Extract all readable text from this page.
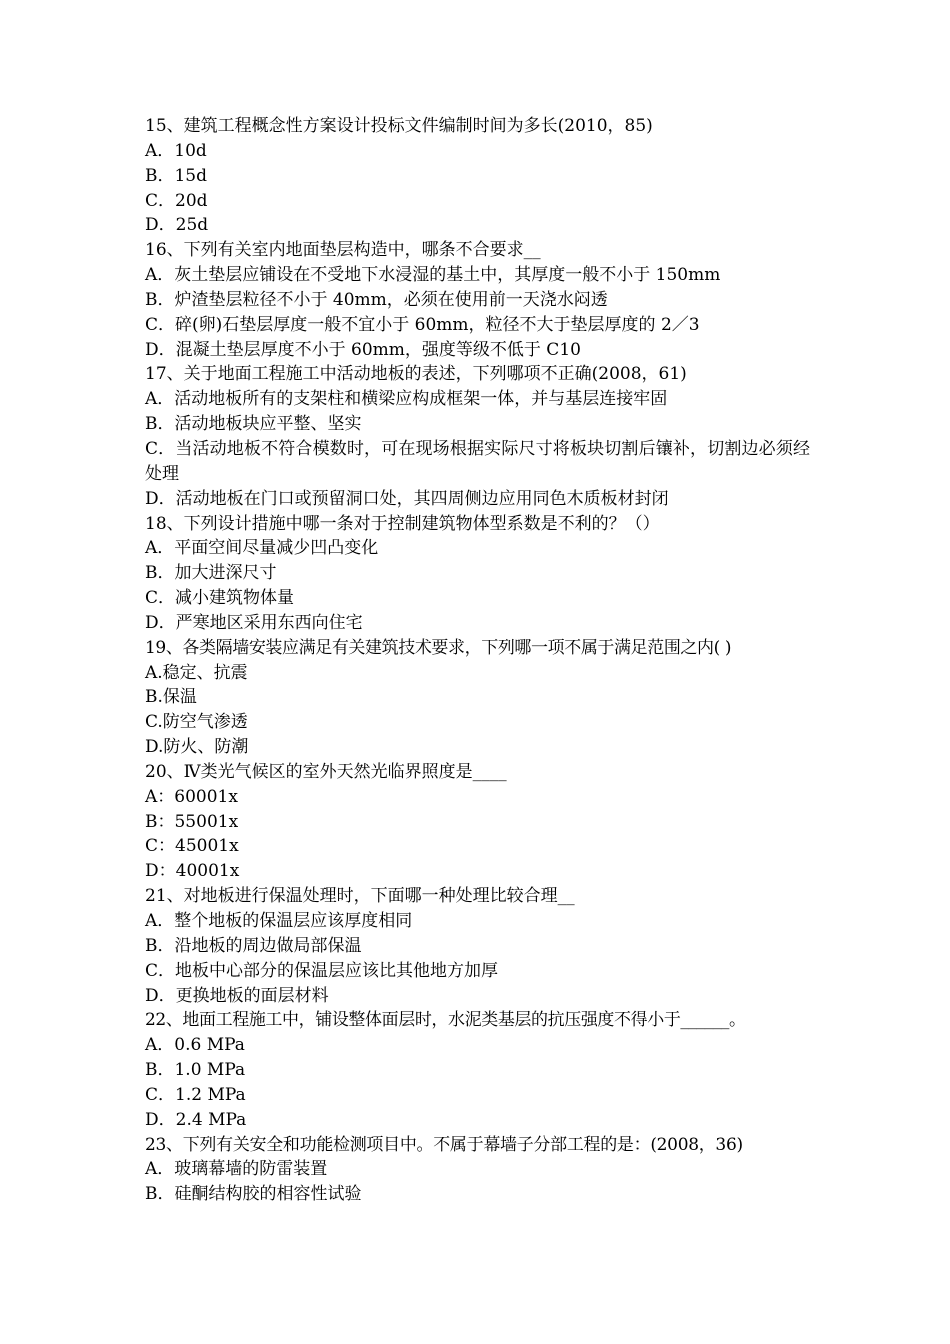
15、建筑工程概念性方案设计投标文件编制时间为多长(2010，85)
A．10d
B．15d
C．20d
D．25d
16、下列有关室内地面垫层构造中，哪条不合要求__
A．灰土垫层应铺设在不受地下水浸湿的基土中，其厚度一般不小于 150mm
B．炉渣垫层粒径不小于 40mm，必须在使用前一天浇水闷透
C．碎(卵)石垫层厚度一般不宜小于 60mm，粒径不大于垫层厚度的 2／3
D．混凝土垫层厚度不小于 60mm，强度等级不低于 C10
17、关于地面工程施工中活动地板的表述，下列哪项不正确(2008，61)
A．活动地板所有的支架柱和横梁应构成框架一体，并与基层连接牢固
B．活动地板块应平整、坚实
C．当活动地板不符合模数时，可在现场根据实际尺寸将板块切割后镶补，切割边必须经处理
D．活动地板在门口或预留洞口处，其四周侧边应用同色木质板材封闭
18、下列设计措施中哪一条对于控制建筑物体型系数是不利的？（）
A．平面空间尽量减少凹凸变化
B．加大进深尺寸
C．减小建筑物体量
D．严寒地区采用东西向住宅
19、各类隔墙安装应满足有关建筑技术要求，下列哪一项不属于满足范围之内( )
A.稳定、抗震
B.保温
C.防空气渗透
D.防火、防潮
20、Ⅳ类光气候区的室外天然光临界照度是____
A：60001x
B：55001x
C：45001x
D：40001x
21、对地板进行保温处理时，下面哪一种处理比较合理__
A．整个地板的保温层应该厚度相同
B．沿地板的周边做局部保温
C．地板中心部分的保温层应该比其他地方加厚
D．更换地板的面层材料
22、地面工程施工中，铺设整体面层时，水泥类基层的抗压强度不得小于______。
A．0.6 MPa
B．1.0 MPa
C．1.2 MPa
D．2.4 MPa
23、下列有关安全和功能检测项目中。不属于幕墙子分部工程的是：(2008，36)
A．玻璃幕墙的防雷装置
B．硅酮结构胶的相容性试验
